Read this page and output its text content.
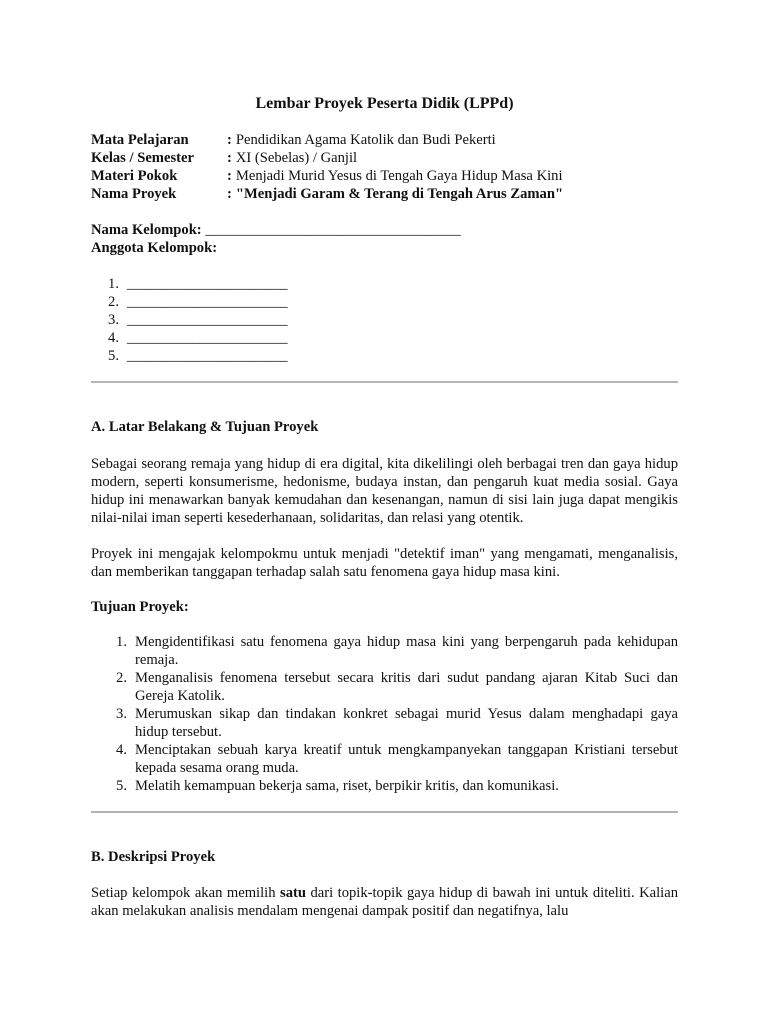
Lembar Proyek Peserta Didik (LPPd)
Mata Pelajaran	: Pendidikan Agama Katolik dan Budi Pekerti
Kelas / Semester	: XI (Sebelas) / Ganjil
Materi Pokok	: Menjadi Murid Yesus di Tengah Gaya Hidup Masa Kini
Nama Proyek	: "Menjadi Garam & Terang di Tengah Arus Zaman"
Nama Kelompok: ___________________________________
Anggota Kelompok:
1. ______________________
2. ______________________
3. ______________________
4. ______________________
5. ______________________
A. Latar Belakang & Tujuan Proyek

Sebagai seorang remaja yang hidup di era digital, kita dikelilingi oleh berbagai tren dan gaya hidup modern, seperti konsumerisme, hedonisme, budaya instan, dan pengaruh kuat media sosial. Gaya hidup ini menawarkan banyak kemudahan dan kesenangan, namun di sisi lain juga dapat mengikis nilai-nilai iman seperti kesederhanaan, solidaritas, dan relasi yang otentik.

Proyek ini mengajak kelompokmu untuk menjadi "detektif iman" yang mengamati, menganalisis, dan memberikan tanggapan terhadap salah satu fenomena gaya hidup masa kini.

Tujuan Proyek:
1. Mengidentifikasi satu fenomena gaya hidup masa kini yang berpengaruh pada kehidupan remaja.
2. Menganalisis fenomena tersebut secara kritis dari sudut pandang ajaran Kitab Suci dan Gereja Katolik.
3. Merumuskan sikap dan tindakan konkret sebagai murid Yesus dalam menghadapi gaya hidup tersebut.
4. Menciptakan sebuah karya kreatif untuk mengkampanyekan tanggapan Kristiani tersebut kepada sesama orang muda.
5. Melatih kemampuan bekerja sama, riset, berpikir kritis, dan komunikasi.
B. Deskripsi Proyek

Setiap kelompok akan memilih satu dari topik-topik gaya hidup di bawah ini untuk diteliti. Kalian akan melakukan analisis mendalam mengenai dampak positif dan negatifnya, lalu
